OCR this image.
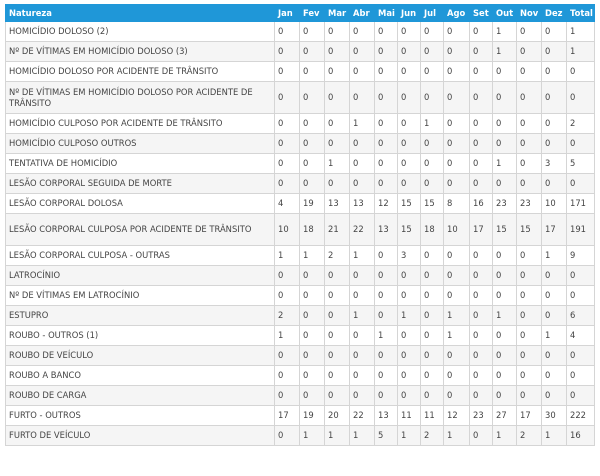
Natureza	Jan	Fev	Mar	Abr	Mai	Jun	Jul	Ago	Set	Out	Nov	Dez	Total
HOMICÍDIO DOLOSO (2)	0	0	0	0	0	0	0	0	0	1	0	0	1
Nº DE VÍTIMAS EM HOMICÍDIO DOLOSO (3)	0	0	0	0	0	0	0	0	0	1	0	0	1
HOMICÍDIO DOLOSO POR ACIDENTE DE TRÂNSITO	0	0	0	0	0	0	0	0	0	0	0	0	0
Nº DE VÍTIMAS EM HOMICÍDIO DOLOSO POR ACIDENTE DE TRÂNSITO	0	0	0	0	0	0	0	0	0	0	0	0	0
HOMICÍDIO CULPOSO POR ACIDENTE DE TRÂNSITO	0	0	0	1	0	0	1	0	0	0	0	0	2
HOMICÍDIO CULPOSO OUTROS	0	0	0	0	0	0	0	0	0	0	0	0	0
TENTATIVA DE HOMICÍDIO	0	0	1	0	0	0	0	0	0	1	0	3	5
LESÃO CORPORAL SEGUIDA DE MORTE	0	0	0	0	0	0	0	0	0	0	0	0	0
LESÃO CORPORAL DOLOSA	4	19	13	13	12	15	15	8	16	23	23	10	171
LESÃO CORPORAL CULPOSA POR ACIDENTE DE TRÂNSITO	10	18	21	22	13	15	18	10	17	15	15	17	191
LESÃO CORPORAL CULPOSA - OUTRAS	1	1	2	1	0	3	0	0	0	0	0	1	9
LATROCÍNIO	0	0	0	0	0	0	0	0	0	0	0	0	0
Nº DE VÍTIMAS EM LATROCÍNIO	0	0	0	0	0	0	0	0	0	0	0	0	0
ESTUPRO	2	0	0	1	0	1	0	1	0	1	0	0	6
ROUBO - OUTROS (1)	1	0	0	0	1	0	0	1	0	0	0	1	4
ROUBO DE VEÍCULO	0	0	0	0	0	0	0	0	0	0	0	0	0
ROUBO A BANCO	0	0	0	0	0	0	0	0	0	0	0	0	0
ROUBO DE CARGA	0	0	0	0	0	0	0	0	0	0	0	0	0
FURTO - OUTROS	17	19	20	22	13	11	11	12	23	27	17	30	222
FURTO DE VEÍCULO	0	1	1	1	5	1	2	1	0	1	2	1	16
